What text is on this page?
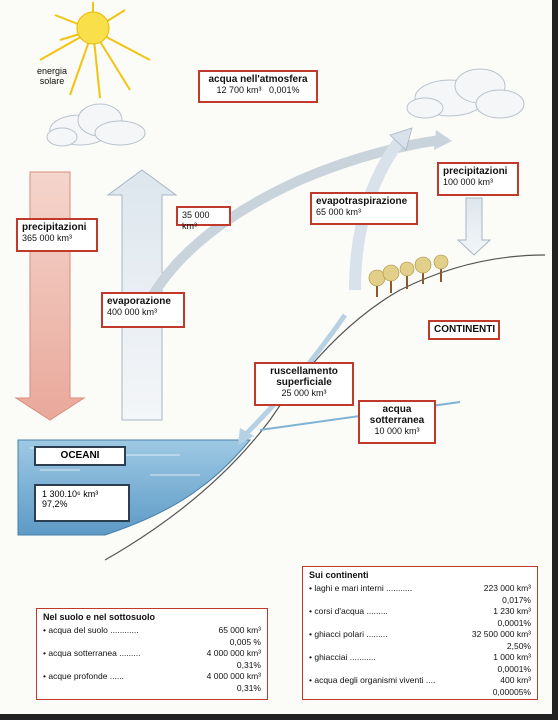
energia
solare	acqua nell'atmosfera
12 700 km³ 0,001%
precipitazioni
365 000 km³
evaporazione
400 000 km³
35 000 km³
evapotraspirazione
65 000 km³
precipitazioni
100 000 km³
CONTINENTI
ruscellamento
superficiale
25 000 km³
acqua
sotterranea
10 000 km³
OCEANI
1 300.10⁶ km³
97,2%
Nel suolo e nel sottosuolo
• acqua del suolo ............	65 000 km³
0,005 %
• acqua sotterranea .........	4 000 000 km³
0,31%
• acque profonde ......	4 000 000 km³
0,31%
Sui continenti
• laghi e mari interni ...........	223 000 km³
0,017%
• corsi d'acqua .........	1 230 km³
0,0001%
• ghiacci polari .........	32 500 000 km³
2,50%
• ghiacciai ...........	1 000 km³
0,0001%
• acqua degli organismi viventi ....	400 km³
0,00005%
